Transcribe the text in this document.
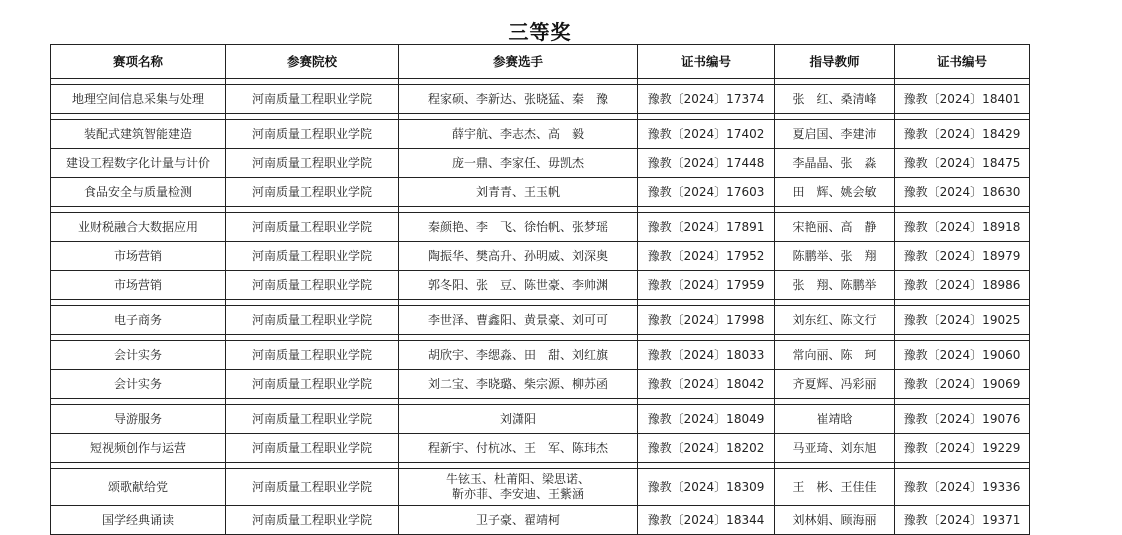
三等奖
赛项名称	参赛院校	参赛选手	证书编号	指导教师	证书编号

地理空间信息采集与处理	河南质量工程职业学院	程家硕、李新达、张晓猛、秦　豫	豫教〔2024〕17374	张　红、桑清峰	豫教〔2024〕18401

装配式建筑智能建造	河南质量工程职业学院	薛宇航、李志杰、高　毅	豫教〔2024〕17402	夏启国、李建沛	豫教〔2024〕18429
建设工程数字化计量与计价	河南质量工程职业学院	庞一鼎、李家任、毋凯杰	豫教〔2024〕17448	李晶晶、张　淼	豫教〔2024〕18475
食品安全与质量检测	河南质量工程职业学院	刘青青、王玉帆	豫教〔2024〕17603	田　辉、姚会敏	豫教〔2024〕18630

业财税融合大数据应用	河南质量工程职业学院	秦颜艳、李　飞、徐怡帆、张梦瑶	豫教〔2024〕17891	宋艳丽、高　静	豫教〔2024〕18918
市场营销	河南质量工程职业学院	陶振华、樊高升、孙明威、刘深奥	豫教〔2024〕17952	陈鹏举、张　翔	豫教〔2024〕18979
市场营销	河南质量工程职业学院	郭冬阳、张　豆、陈世豪、李帅渊	豫教〔2024〕17959	张　翔、陈鹏举	豫教〔2024〕18986

电子商务	河南质量工程职业学院	李世泽、曹鑫阳、黄景豪、刘可可	豫教〔2024〕17998	刘东红、陈文行	豫教〔2024〕19025

会计实务	河南质量工程职业学院	胡欣宇、李缌淼、田　甜、刘红旗	豫教〔2024〕18033	常向丽、陈　珂	豫教〔2024〕19060
会计实务	河南质量工程职业学院	刘二宝、李晓璐、柴宗源、柳苏函	豫教〔2024〕18042	齐夏辉、冯彩丽	豫教〔2024〕19069

导游服务	河南质量工程职业学院	刘潇阳	豫教〔2024〕18049	崔靖晗	豫教〔2024〕19076
短视频创作与运营	河南质量工程职业学院	程新宇、付杭冰、王　军、陈玮杰	豫教〔2024〕18202	马亚琦、刘东旭	豫教〔2024〕19229

颂歌献给党	河南质量工程职业学院	牛铉玉、杜莆阳、梁思诺、
靳亦菲、李安迪、王紫涵	豫教〔2024〕18309	王　彬、王佳佳	豫教〔2024〕19336
国学经典诵读	河南质量工程职业学院	卫子豪、翟靖柯	豫教〔2024〕18344	刘林娟、顾海丽	豫教〔2024〕19371
